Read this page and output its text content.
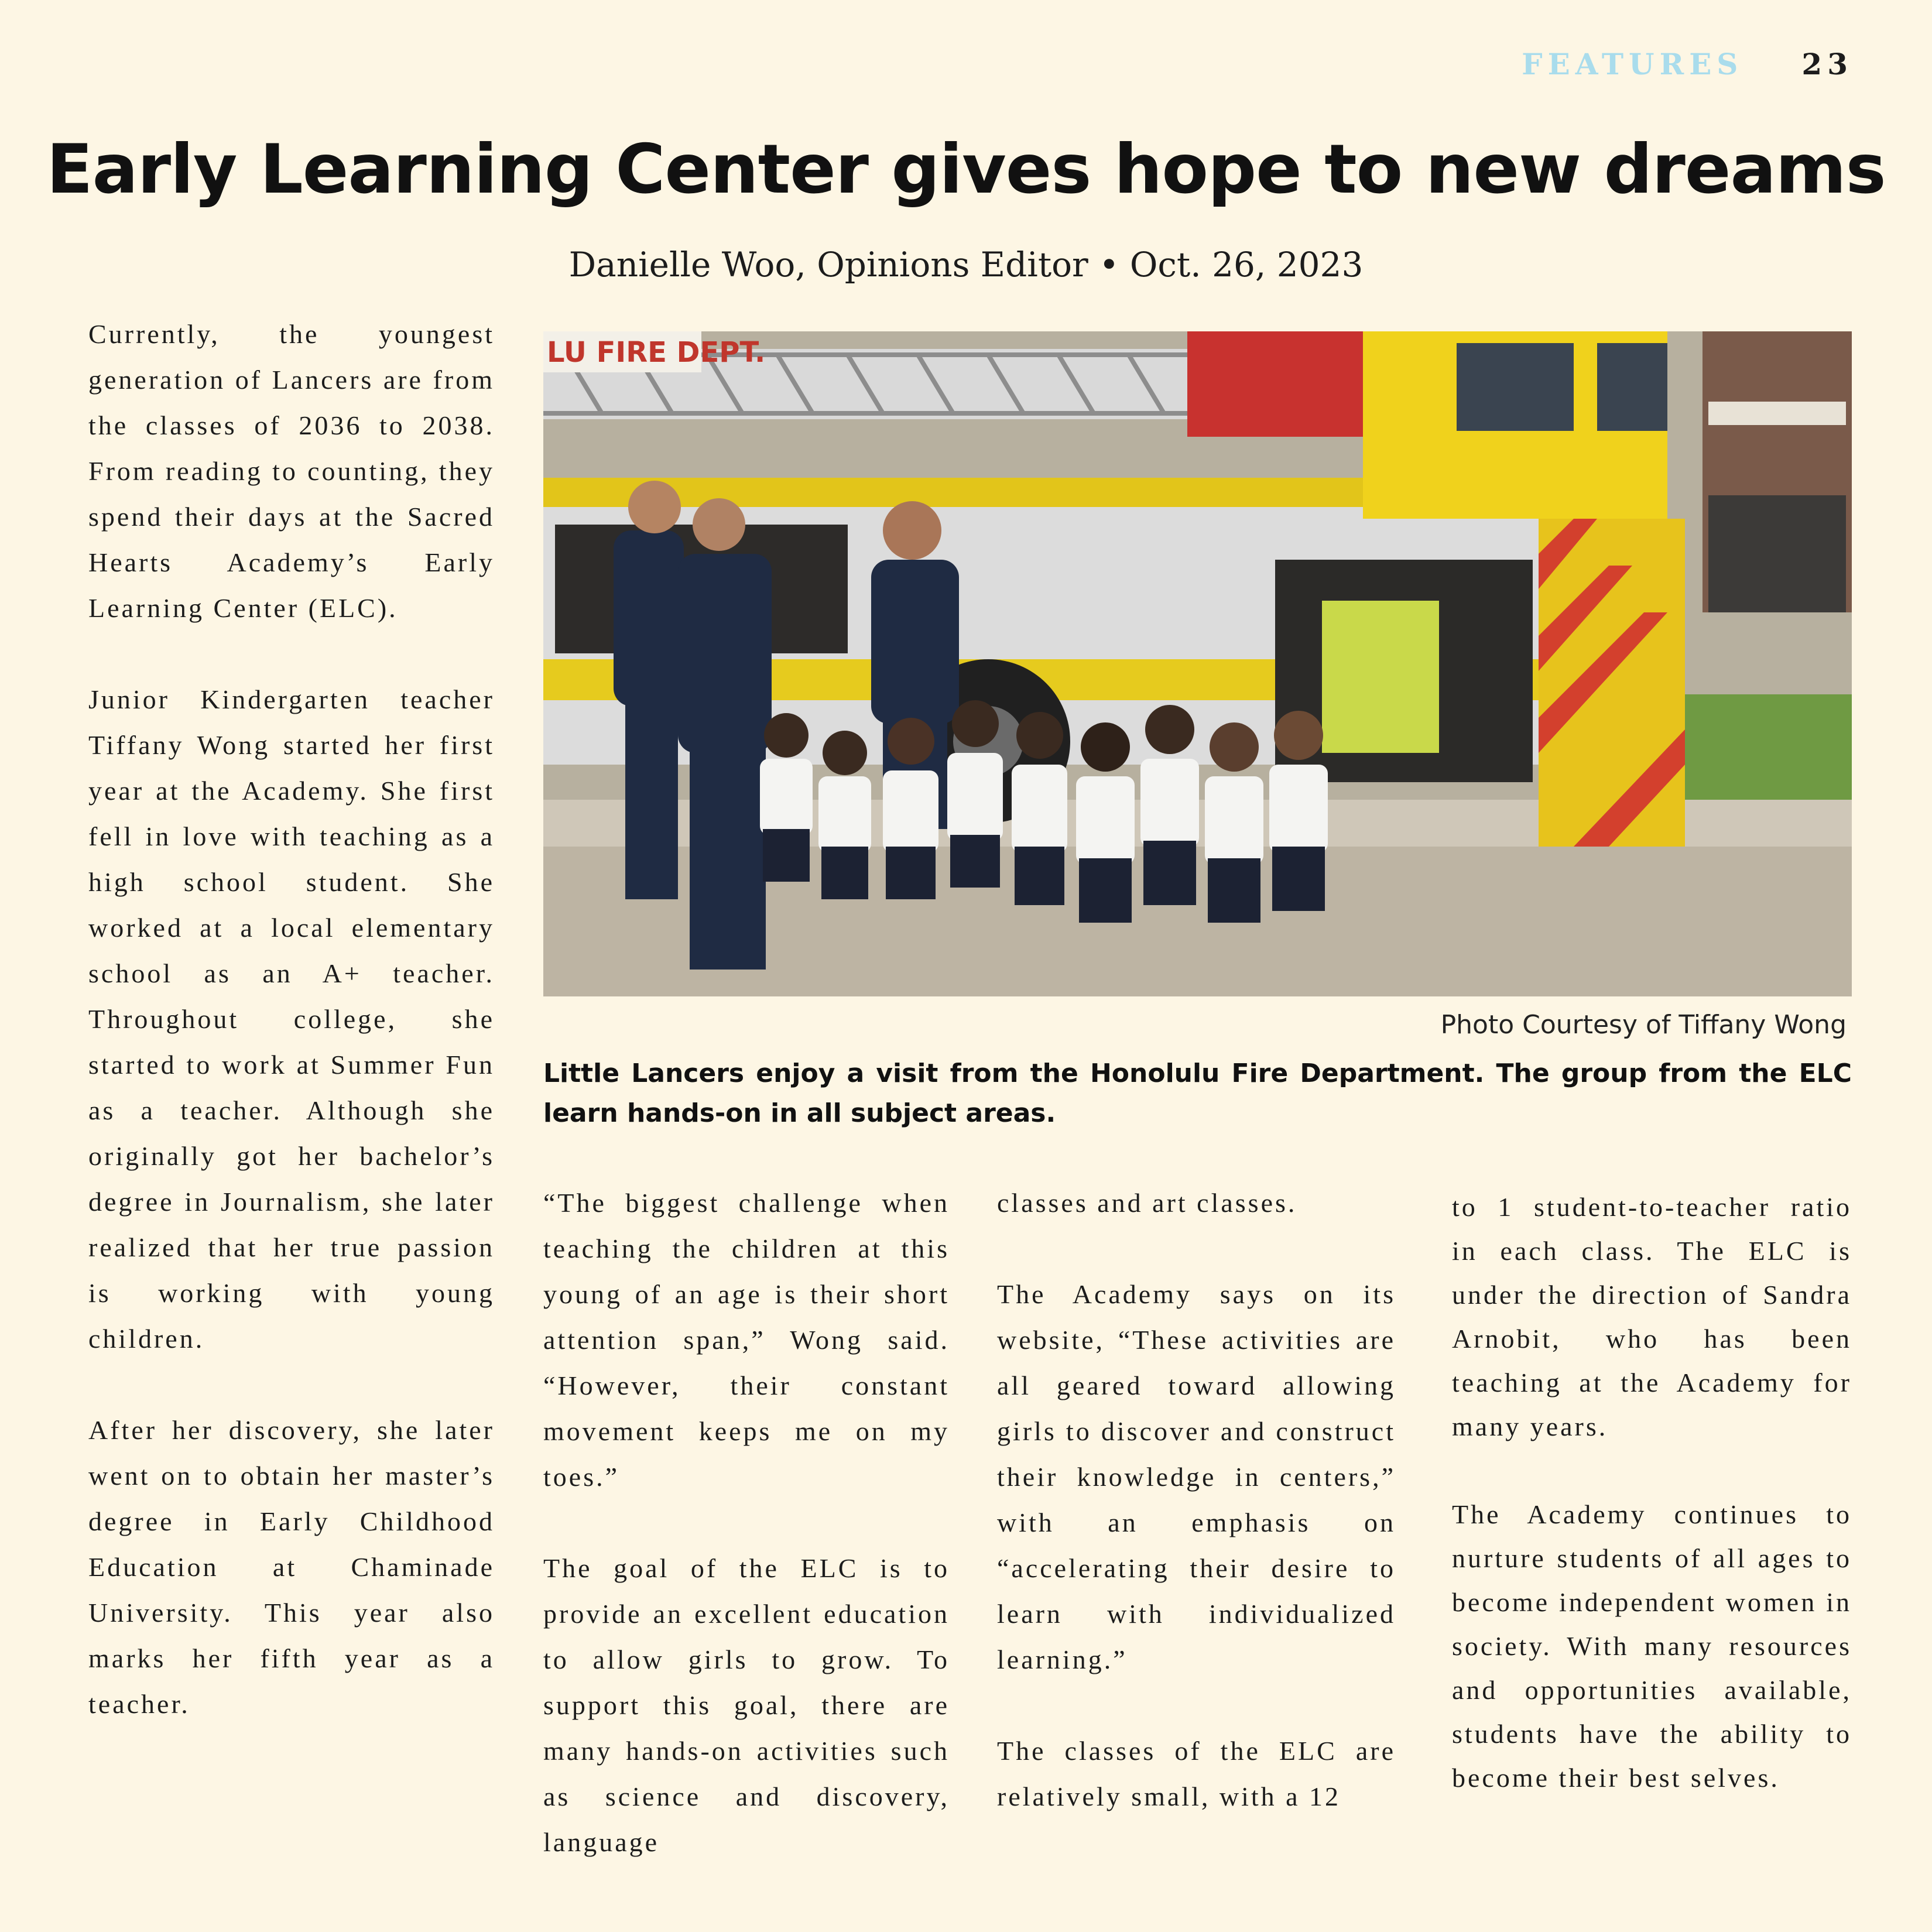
FEATURES 23
Early Learning Center gives hope to new dreams
Danielle Woo, Opinions Editor • Oct. 26, 2023

Currently, the youngest generation of Lancers are from the classes of 2036 to 2038. From reading to counting, they spend their days at the Sacred Hearts Academy’s Early Learning Center (ELC).

Junior Kindergarten teacher Tiffany Wong started her first year at the Academy. She first fell in love with teaching as a high school student. She worked at a local elementary school as an A+ teacher. Throughout college, she started to work at Summer Fun as a teacher. Although she originally got her bachelor’s degree in Journalism, she later realized that her true passion is working with young children.

After her discovery, she later went on to obtain her master’s degree in Early Childhood Education at Chaminade University. This year also marks her fifth year as a teacher.

LU FIRE DEPT.
Photo Courtesy of Tiffany Wong

Little Lancers enjoy a visit from the Honolulu Fire Department. The group from the ELC learn hands-on in all subject areas.

“The biggest challenge when teaching the children at this young of an age is their short attention span,” Wong said. “However, their constant movement keeps me on my toes.”

The goal of the ELC is to provide an excellent education to allow girls to grow. To support this goal, there are many hands-on activities such as science and discovery, language

classes and art classes.

The Academy says on its website, “These activities are all geared toward allowing girls to discover and construct their knowledge in centers,” with an emphasis on “accelerating their desire to learn with individualized learning.”

The classes of the ELC are relatively small, with a 12

to 1 student-to-teacher ratio in each class. The ELC is under the direction of Sandra Arnobit, who has been teaching at the Academy for many years.

The Academy continues to nurture students of all ages to become independent women in society. With many resources and opportunities available, students have the ability to become their best selves.
